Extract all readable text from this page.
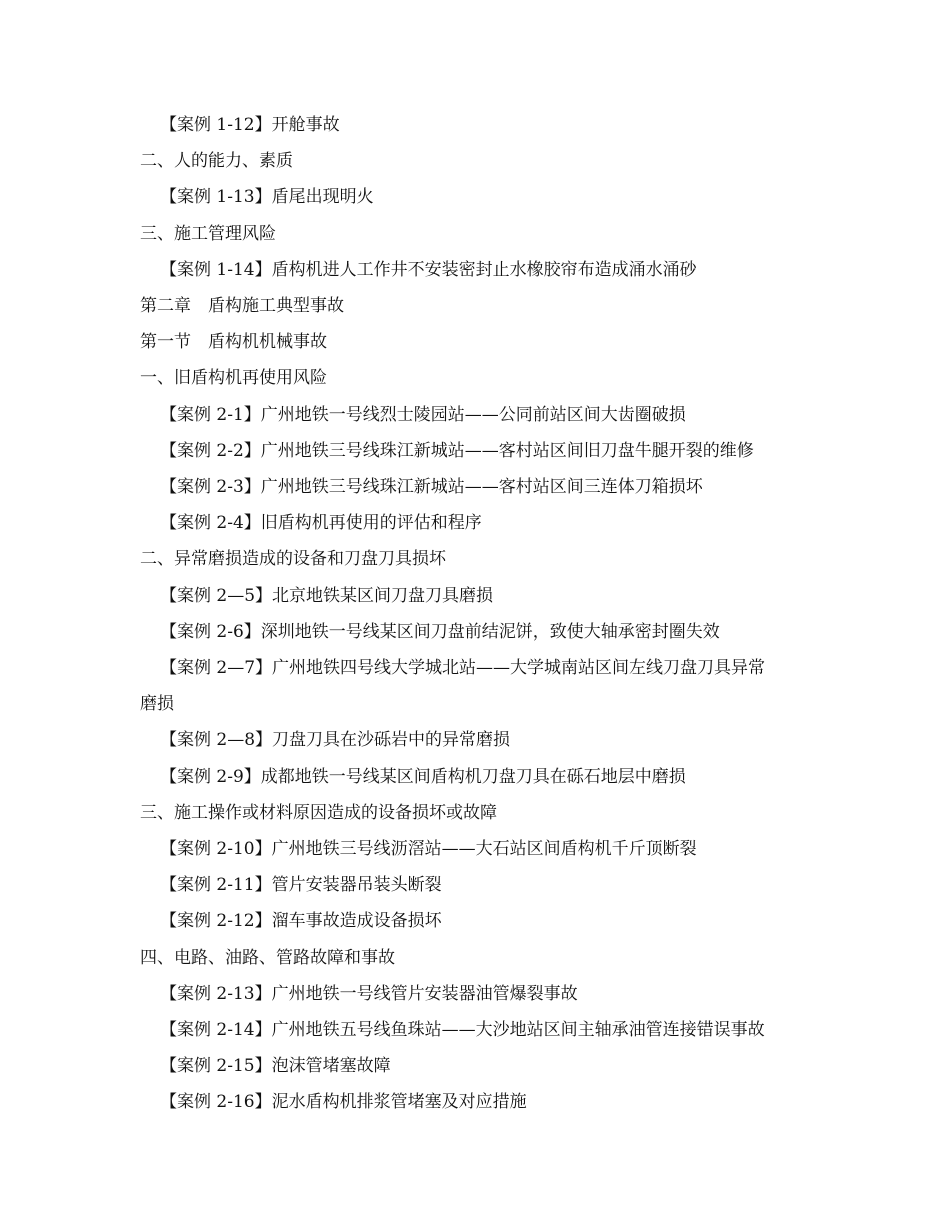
【案例 1-12】开舱事故
二、人的能力、素质
【案例 1-13】盾尾出现明火
三、施工管理风险
【案例 1-14】盾构机进人工作井不安装密封止水橡胶帘布造成涌水涌砂
第二章　盾构施工典型事故
第一节　盾构机机械事故
一、旧盾构机再使用风险
【案例 2-1】广州地铁一号线烈士陵园站——公同前站区间大齿圈破损
【案例 2-2】广州地铁三号线珠江新城站——客村站区间旧刀盘牛腿开裂的维修
【案例 2-3】广州地铁三号线珠江新城站——客村站区间三连体刀箱损坏
【案例 2-4】旧盾构机再使用的评估和程序
二、异常磨损造成的设备和刀盘刀具损坏
【案例 2—5】北京地铁某区间刀盘刀具磨损
【案例 2-6】深圳地铁一号线某区间刀盘前结泥饼，致使大轴承密封圈失效
【案例 2—7】广州地铁四号线大学城北站——大学城南站区间左线刀盘刀具异常
磨损
【案例 2—8】刀盘刀具在沙砾岩中的异常磨损
【案例 2-9】成都地铁一号线某区间盾构机刀盘刀具在砾石地层中磨损
三、施工操作或材料原因造成的设备损坏或故障
【案例 2-10】广州地铁三号线沥滘站——大石站区间盾构机千斤顶断裂
【案例 2-11】管片安装器吊装头断裂
【案例 2-12】溜车事故造成设备损坏
四、电路、油路、管路故障和事故
【案例 2-13】广州地铁一号线管片安装器油管爆裂事故
【案例 2-14】广州地铁五号线鱼珠站——大沙地站区间主轴承油管连接错误事故
【案例 2-15】泡沫管堵塞故障
【案例 2-16】泥水盾构机排浆管堵塞及对应措施
